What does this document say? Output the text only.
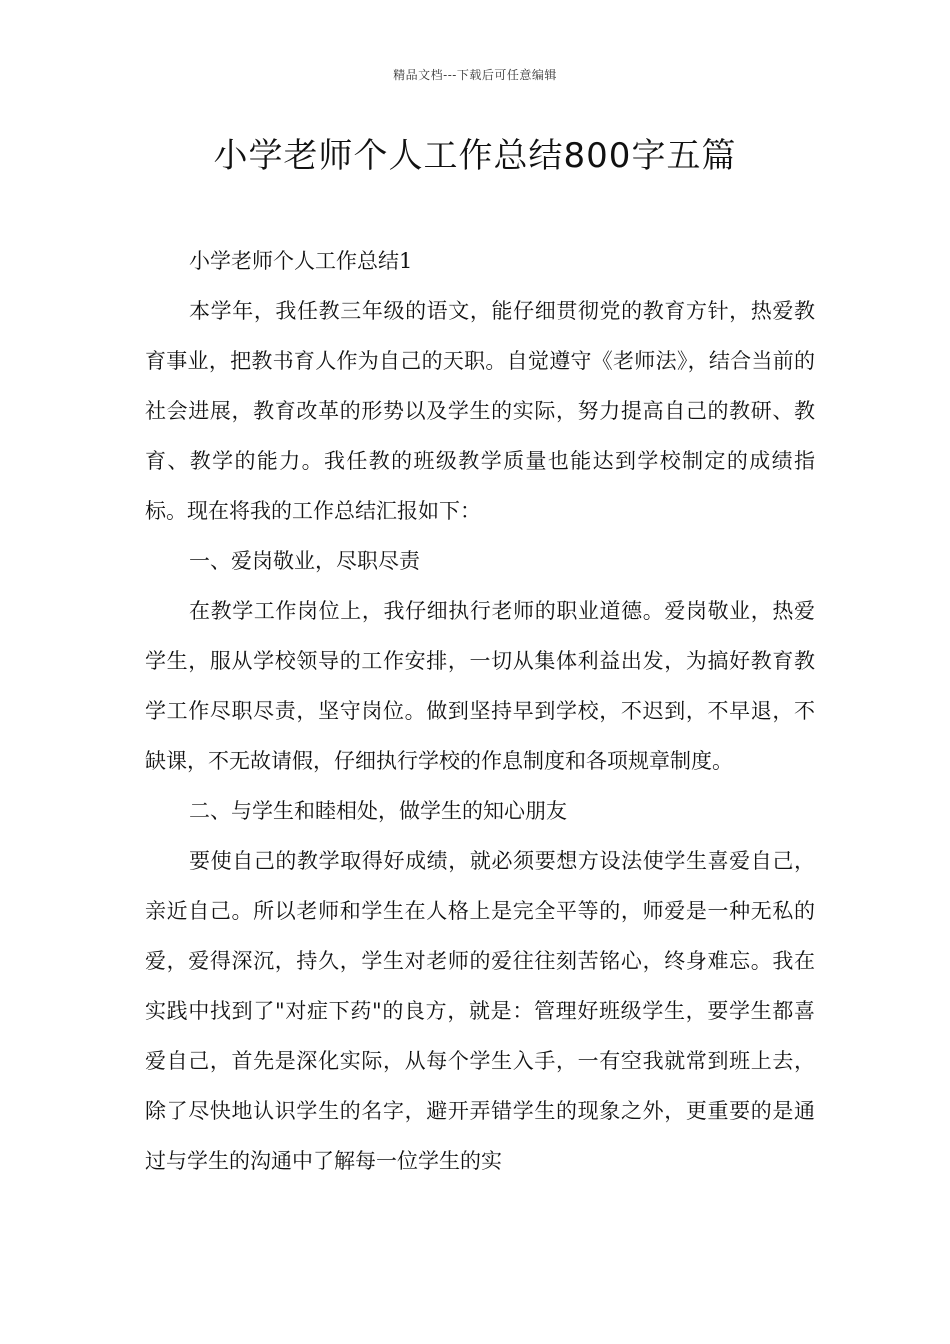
精品文档---下载后可任意编辑
小学老师个人工作总结800字五篇

小学老师个人工作总结1

本学年，我任教三年级的语文，能仔细贯彻党的教育方针，热爱教育事业，把教书育人作为自己的天职。自觉遵守《老师法》，结合当前的社会进展，教育改革的形势以及学生的实际，努力提高自己的教研、教育、教学的能力。我任教的班级教学质量也能达到学校制定的成绩指标。现在将我的工作总结汇报如下：

一、爱岗敬业，尽职尽责

在教学工作岗位上，我仔细执行老师的职业道德。爱岗敬业，热爱学生，服从学校领导的工作安排，一切从集体利益出发，为搞好教育教学工作尽职尽责，坚守岗位。做到坚持早到学校，不迟到，不早退，不缺课，不无故请假，仔细执行学校的作息制度和各项规章制度。

二、与学生和睦相处，做学生的知心朋友

要使自己的教学取得好成绩，就必须要想方设法使学生喜爱自己，亲近自己。所以老师和学生在人格上是完全平等的，师爱是一种无私的爱，爱得深沉，持久，学生对老师的爱往往刻苦铭心，终身难忘。我在实践中找到了"对症下药"的良方，就是：管理好班级学生，要学生都喜爱自己，首先是深化实际，从每个学生入手，一有空我就常到班上去，除了尽快地认识学生的名字，避开弄错学生的现象之外，更重要的是通过与学生的沟通中了解每一位学生的实
